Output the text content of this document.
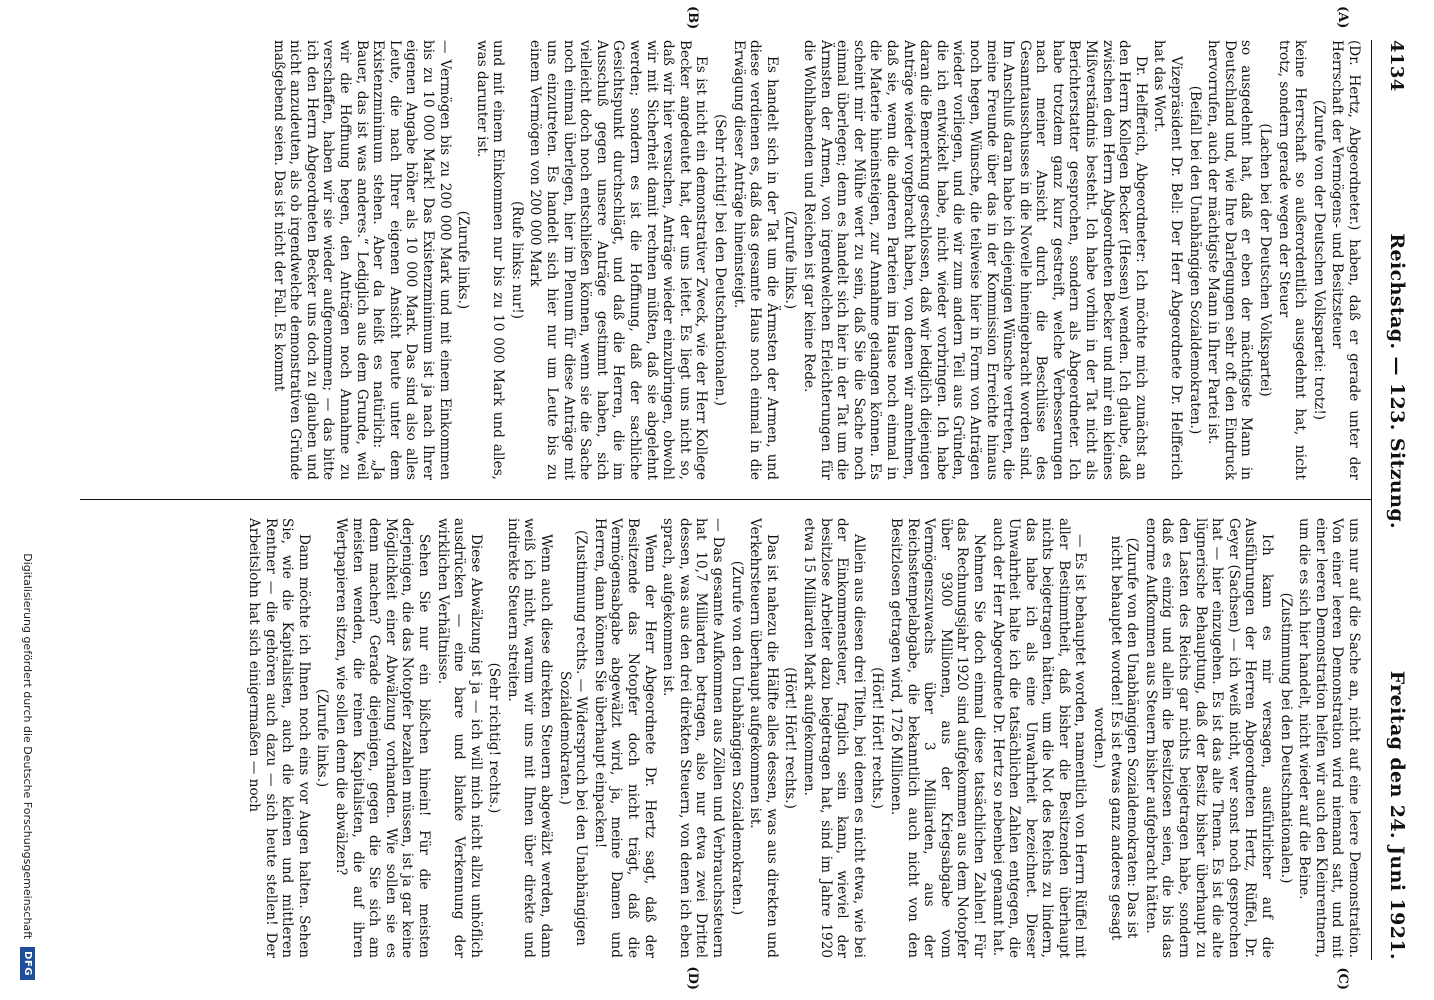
4134
Reichstag. — 123. Sitzung.
Freitag den 24. Juni 1921.
(A)
(B)
(C)
(D)

(Dr. Hertz, Abgeordneter.) haben, daß er gerade unter der Herrschaft der Vermögens- und Besitzsteuer

(Zurufe von der Deutschen Volkspartei: trotz!)

keine Herrschaft so außerordentlich ausgedehnt hat, nicht trotz, sondern gerade wegen der Steuer

(Lachen bei der Deutschen Volkspartei)

so ausgedehnt hat, daß er eben der mächtigste Mann in Deutschland und, wie Ihre Darlegungen sehr oft den Eindruck hervorrufen, auch der mächtigste Mann in Ihrer Partei ist.

(Beifall bei den Unabhängigen Sozialdemokraten.)

Vizepräsident Dr. Bell: Der Herr Abgeordnete Dr. Helfferich hat das Wort.

Dr. Helfferich, Abgeordneter: Ich möchte mich zunächst an den Herrn Kollegen Becker (Hessen) wenden. Ich glaube, daß zwischen dem Herrn Abgeordneten Becker und mir ein kleines Mißverständnis besteht. Ich habe vorhin in der Tat nicht als Berichterstatter gesprochen, sondern als Abgeordneter. Ich habe trotzdem ganz kurz gestreift, welche Verbesserungen nach meiner Ansicht durch die Beschlüsse des Gesamtausschusses in die Novelle hineingebracht worden sind. Im Anschluß daran habe ich diejenigen Wünsche vertreten, die meine Freunde über das in der Kommission Erreichte hinaus noch hegen, Wünsche, die teilweise hier in Form von Anträgen wieder vorliegen, und die wir zum andern Teil aus Gründen, die ich entwickelt habe, nicht wieder vorbringen. Ich habe daran die Bemerkung geschlossen, daß wir lediglich diejenigen Anträge wieder vorgebracht haben, von denen wir annehmen, daß sie, wenn die anderen Parteien im Hause noch einmal in die Materie hineinsteigen, zur Annahme gelangen können. Es scheint mir der Mühe wert zu sein, daß Sie die Sache noch einmal überlegen; denn es handelt sich hier in der Tat um die Ärmsten der Armen, von irgendwelchen Erleichterungen für die Wohlhabenden und Reichen ist gar keine Rede.

(Zurufe links.)

Es handelt sich in der Tat um die Ärmsten der Armen, und diese verdienen es, daß das gesamte Haus noch einmal in die Erwägung dieser Anträge hineinsteigt.

(Sehr richtig! bei den Deutschnationalen.)

Es ist nicht ein demonstrativer Zweck, wie der Herr Kollege Becker angedeutet hat, der uns leitet. Es liegt uns nicht so, daß wir hier versuchen, Anträge wieder einzubringen, obwohl wir mit Sicherheit damit rechnen müßten, daß sie abgelehnt werden; sondern es ist die Hoffnung, daß der sachliche Gesichtspunkt durchschlägt, und daß die Herren, die im Ausschuß gegen unsere Anträge gestimmt haben, sich vielleicht doch noch entschließen können, wenn sie die Sache noch einmal überlegen, hier im Plenum für diese Anträge mit uns einzutreten. Es handelt sich hier nur um Leute bis zu einem Vermögen von 200 000 Mark

(Rufe links: nur!)

und mit einem Einkommen nur bis zu 10 000 Mark und alles, was darunter ist.

(Zurufe links.)

— Vermögen bis zu 200 000 Mark und mit einem Einkommen bis zu 10 000 Mark! Das Existenzminimum ist ja nach Ihrer eigenen Angabe höher als 10 000 Mark. Das sind also alles Leute, die nach Ihrer eigenen Ansicht heute unter dem Existenzminimum stehen. Aber da heißt es natürlich: „Ja Bauer, das ist was anderes.“ Lediglich aus dem Grunde, weil wir die Hoffnung hegen, den Anträgen noch Annahme zu verschaffen, haben wir sie wieder aufgenommen; — das bitte ich den Herrn Abgeordneten Becker uns doch zu glauben und nicht anzudeuten, als ob irgendwelche demonstrativen Gründe maßgebend seien. Das ist nicht der Fall. Es kommt

uns nur auf die Sache an, nicht auf eine leere Demonstration. Von einer leeren Demonstration wird niemand satt, und mit einer leeren Demonstration helfen wir auch den Kleinrentnern, um die es sich hier handelt, nicht wieder auf die Beine.

(Zustimmung bei den Deutschnationalen.)

Ich kann es mir versagen, ausführlicher auf die Ausführungen der Herren Abgeordneten Hertz, Rüffel, Dr. Geyer (Sachsen) — ich weiß nicht, wer sonst noch gesprochen hat — hier einzugehen. Es ist das alte Thema. Es ist die alte lügnerische Behauptung, daß der Besitz bisher überhaupt zu den Lasten des Reichs gar nichts beigetragen habe, sondern daß es einzig und allein die Besitzlosen seien, die bis das enorme Aufkommen aus Steuern bisher aufgebracht hätten.

(Zurufe von den Unabhängigen Sozialdemokraten: Das ist nicht behauptet worden! Es ist etwas ganz anderes gesagt worden.)

— Es ist behauptet worden, namentlich von Herrn Rüffel mit aller Bestimmtheit, daß bisher die Besitzenden überhaupt nichts beigetragen hätten, um die Not des Reichs zu lindern, das habe ich als eine Unwahrheit bezeichnet. Dieser Unwahrheit halte ich die tatsächlichen Zahlen entgegen, die auch der Herr Abgeordnete Dr. Hertz so nebenbei genannt hat.

Nehmen Sie doch einmal diese tatsächlichen Zahlen! Für das Rechnungsjahr 1920 sind aufgekommen aus dem Notopfer über 9300 Millionen, aus der Kriegsabgabe vom Vermögenszuwachs über 3 Milliarden, aus der Reichsstempelabgabe, die bekanntlich auch nicht von den Besitzlosen getragen wird, 1726 Millionen.

(Hört! Hört! rechts.)

Allein aus diesen drei Titeln, bei denen es nicht etwa, wie bei der Einkommensteuer, fraglich sein kann, wieviel der besitzlose Arbeiter dazu beigetragen hat, sind im Jahre 1920 etwa 15 Milliarden Mark aufgekommen.

(Hört! Hört! rechts.)

Das ist nahezu die Hälfte alles dessen, was aus direkten und Verkehrsteuern überhaupt aufgekommen ist.

(Zurufe von den Unabhängigen Sozialdemokraten.)

— Das gesamte Aufkommen aus Zöllen und Verbrauchssteuern hat 10,7 Milliarden betragen, also nur etwa zwei Drittel dessen, was aus den drei direkten Steuern, von denen ich eben sprach, aufgekommen ist.

Wenn der Herr Abgeordnete Dr. Hertz sagt, daß der Besitzende das Notopfer doch nicht trägt, daß die Vermögensabgabe abgewälzt wird, ja, meine Damen und Herren, dann können Sie überhaupt einpacken!

(Zustimmung rechts. — Widerspruch bei den Unabhängigen Sozialdemokraten.)

Wenn auch diese direkten Steuern abgewälzt werden, dann weiß ich nicht, warum wir uns mit Ihnen über direkte und indirekte Steuern streiten.

(Sehr richtig! rechts.)

Diese Abwälzung ist ja — ich will mich nicht allzu unhöflich ausdrücken — eine bare und blanke Verkennung der wirklichen Verhältnisse.

Sehen Sie nur ein bißchen hinein! Für die meisten derjenigen, die das Notopfer bezahlen müssen, ist ja gar keine Möglichkeit einer Abwälzung vorhanden. Wie sollen sie es denn machen? Gerade diejenigen, gegen die Sie sich am meisten wenden, die reinen Kapitalisten, die auf ihren Wertpapieren sitzen, wie sollen denn die abwälzen?

(Zurufe links.)

Dann möchte ich Ihnen noch eins vor Augen halten. Sehen Sie, wie die Kapitalisten, auch die kleinen und mittleren Rentner — die gehören auch dazu — sich heute stellen! Der Arbeitslohn hat sich einigermaßen — noch

Digitalisierung gefördert durch die Deutsche Forschungsgemeinschaft
DFG
